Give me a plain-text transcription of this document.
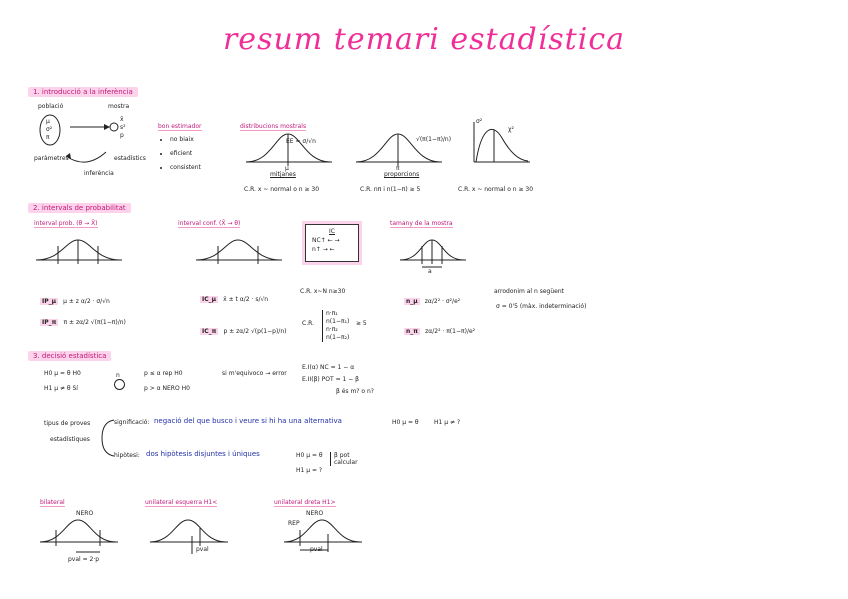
resum temari estadística
1. introducció a la inferència
població	mostra
μ
σ²
π
x̄
s²
p
paràmetres	estadístics
inferència
bon estimador
• no biaix
• eficient
• consistent
distribucions mostrals
EE = σ/√n
μ
mitjanes
C.R. x ~ normal o n ≥ 30
√(π(1−π)/n)
π
proporcions
C.R. nπ i n(1−π) ≥ 5
σ²
χ²
C.R. x ~ normal o n ≥ 30
2. intervals de probabilitat
interval prob. (θ → X̄)
IP_μ μ ± z α/2 · σ/√n
IP_π π ± zα/2 √(π(1−π)/n)
interval conf. (X̄ → θ)
IC_μ x̄ ± t α/2 · s/√n
C.R. x~N n≥30
IC_π p ± zα/2 √(p(1−p)/n)
C.R.
n·π₁
n(1−π₁)
n·π₂
n(1−π₂)
≥ 5
IC
NC↑ ← →
n↑ → ←
tamany de la mostra
a
n_μ zα/2² · σ²/e²
n_π zα/2² · π(1−π)/e²
arrodonim al n següent
σ = 0'5 (màx. indeterminació)
3. decisió estadística
H0 μ = θ H0
H1 μ ≠ θ Sí
n	p ≤ α rep H0
p > α NERO H0
si m'equivoco → error
E.I(α) NC = 1 − α
E.II(β) POT = 1 − β
β és m? o n?
tipus de proves
estadístiques
significació: negació del que busco i veure si hi ha una alternativa	H0 μ = θ	H1 μ ≠ ?
hipòtesi: dos hipòtesis disjuntes i úniques	H0 μ = θ
H1 μ = ?
β pot calcular
bilateral
NERO
pval = 2·p
unilateral esquerra H1<
pval
unilateral dreta H1>
NERO
REP
pval
